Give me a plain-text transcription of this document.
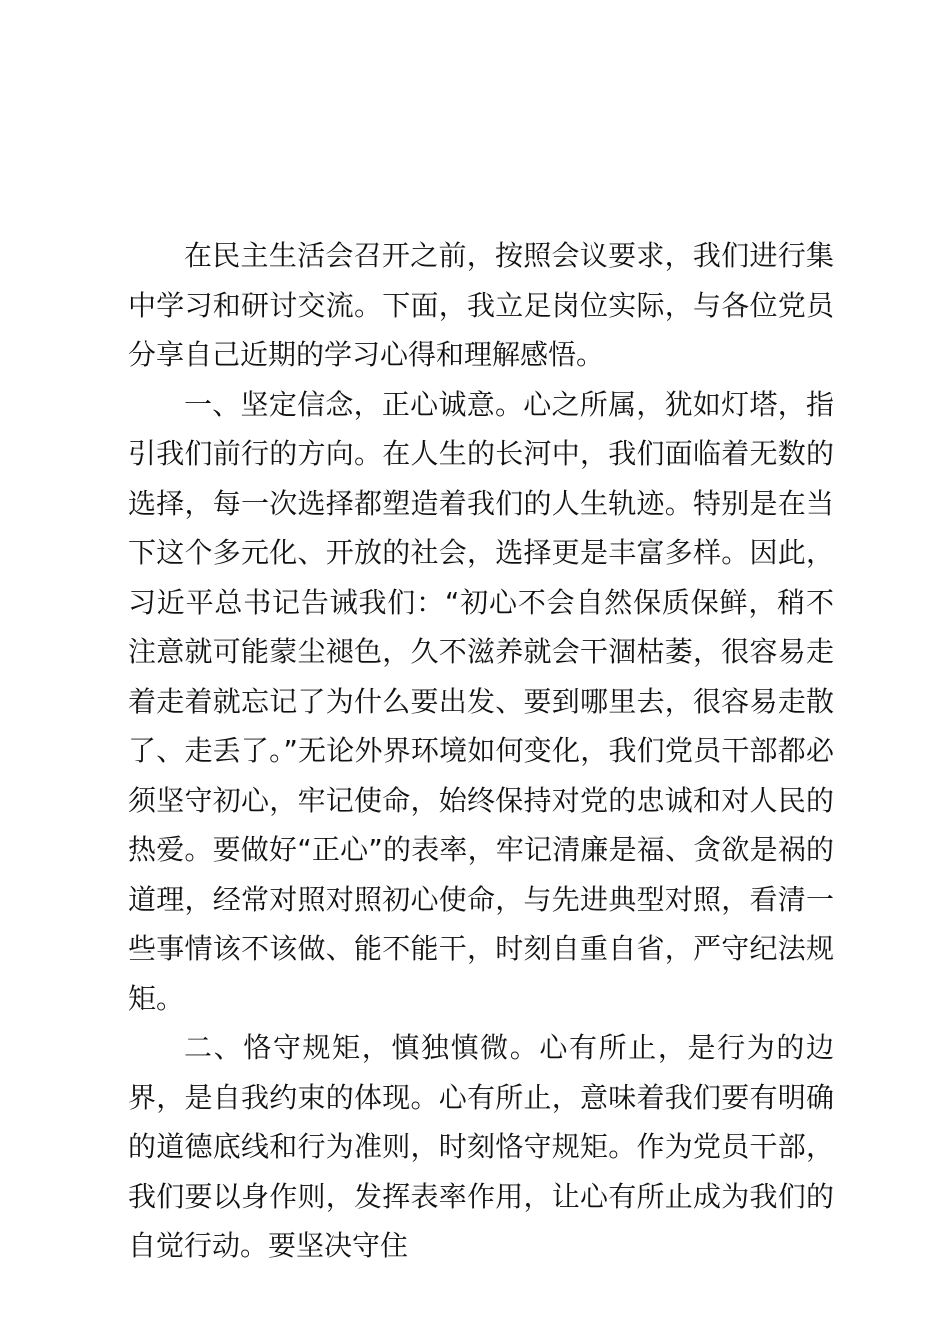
在民主生活会召开之前，按照会议要求，我们进行集中学习和研讨交流。下面，我立足岗位实际，与各位党员分享自己近期的学习心得和理解感悟。

一、坚定信念，正心诚意。心之所属，犹如灯塔，指引我们前行的方向。在人生的长河中，我们面临着无数的选择，每一次选择都塑造着我们的人生轨迹。特别是在当下这个多元化、开放的社会，选择更是丰富多样。因此，习近平总书记告诫我们：“初心不会自然保质保鲜，稍不注意就可能蒙尘褪色，久不滋养就会干涸枯萎，很容易走着走着就忘记了为什么要出发、要到哪里去，很容易走散了、走丢了。”无论外界环境如何变化，我们党员干部都必须坚守初心，牢记使命，始终保持对党的忠诚和对人民的热爱。要做好“正心”的表率，牢记清廉是福、贪欲是祸的道理，经常对照对照初心使命，与先进典型对照，看清一些事情该不该做、能不能干，时刻自重自省，严守纪法规矩。

二、恪守规矩，慎独慎微。心有所止，是行为的边界，是自我约束的体现。心有所止，意味着我们要有明确的道德底线和行为准则，时刻恪守规矩。作为党员干部，我们要以身作则，发挥表率作用，让心有所止成为我们的自觉行动。要坚决守住
